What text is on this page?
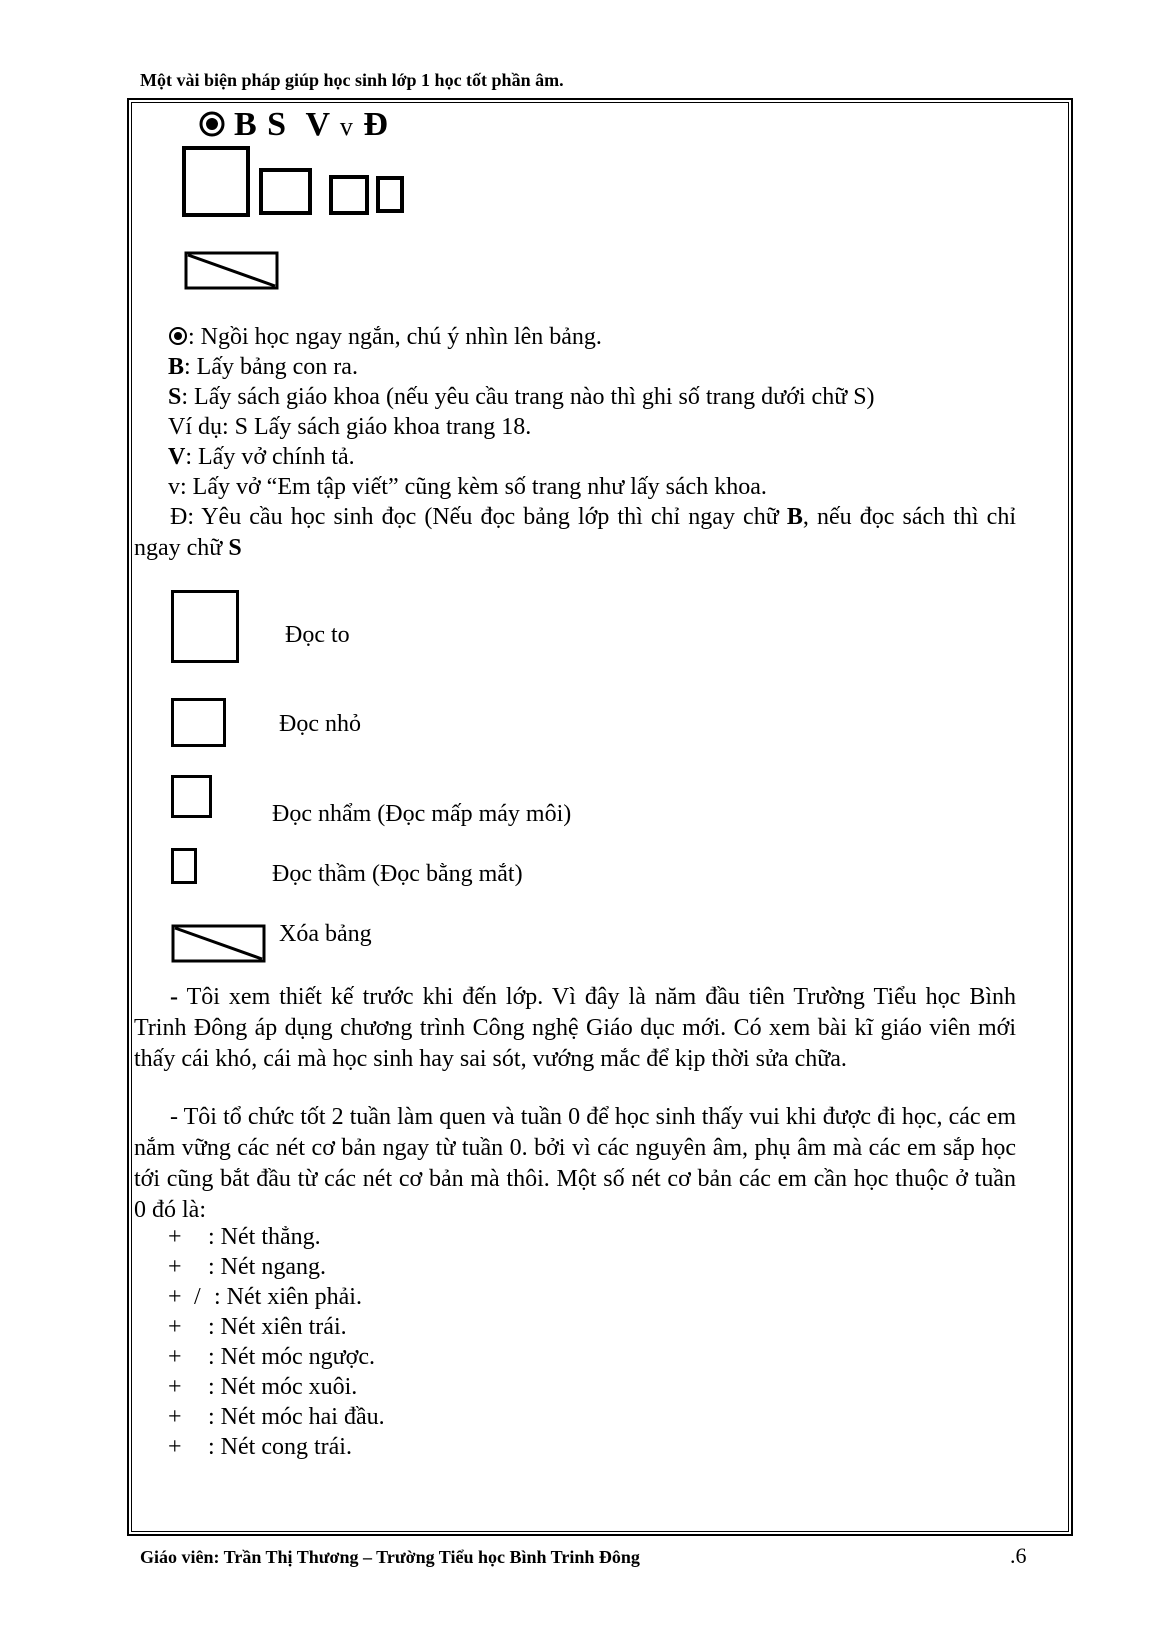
Một vài biện pháp giúp học sinh lớp 1 học tốt phần âm.
B S  V v Đ
: Ngồi học ngay ngắn, chú ý nhìn lên bảng.
B: Lấy bảng con ra.
S: Lấy sách giáo khoa (nếu yêu cầu trang nào thì ghi số trang dưới chữ S)
Ví dụ: S Lấy sách giáo khoa trang 18.
V: Lấy vở chính tả.
v: Lấy vở “Em tập viết” cũng kèm số trang như lấy sách khoa.

Đ: Yêu cầu học sinh đọc (Nếu đọc bảng lớp thì chỉ ngay chữ B, nếu đọc sách thì chỉ ngay chữ S

Đọc to
Đọc nhỏ
Đọc nhẩm (Đọc mấp máy môi)
Đọc thầm (Đọc bằng mắt)
Xóa bảng

- Tôi xem thiết kế trước khi đến lớp. Vì đây là năm đầu tiên Trường Tiểu học Bình Trinh Đông áp dụng chương trình Công nghệ Giáo dục mới. Có xem bài kĩ giáo viên mới thấy cái khó, cái mà học sinh hay sai sót, vướng mắc để kịp thời sửa chữa.

- Tôi tổ chức tốt 2 tuần làm quen và tuần 0 để học sinh thấy vui khi được đi học, các em nắm vững các nét cơ bản ngay từ tuần 0. bởi vì các nguyên âm, phụ âm mà các em sắp học tới cũng bắt đầu từ các nét cơ bản mà thôi. Một số nét cơ bản các em cần học thuộc ở tuần 0 đó là:

+ : Nét thẳng.
+ : Nét ngang.
+ / : Nét xiên phải.
+ : Nét xiên trái.
+ : Nét móc ngược.
+ : Nét móc xuôi.
+ : Nét móc hai đầu.
+ : Nét cong trái.
Giáo viên: Trần Thị Thương – Trường Tiểu học Bình Trinh Đông	.6
